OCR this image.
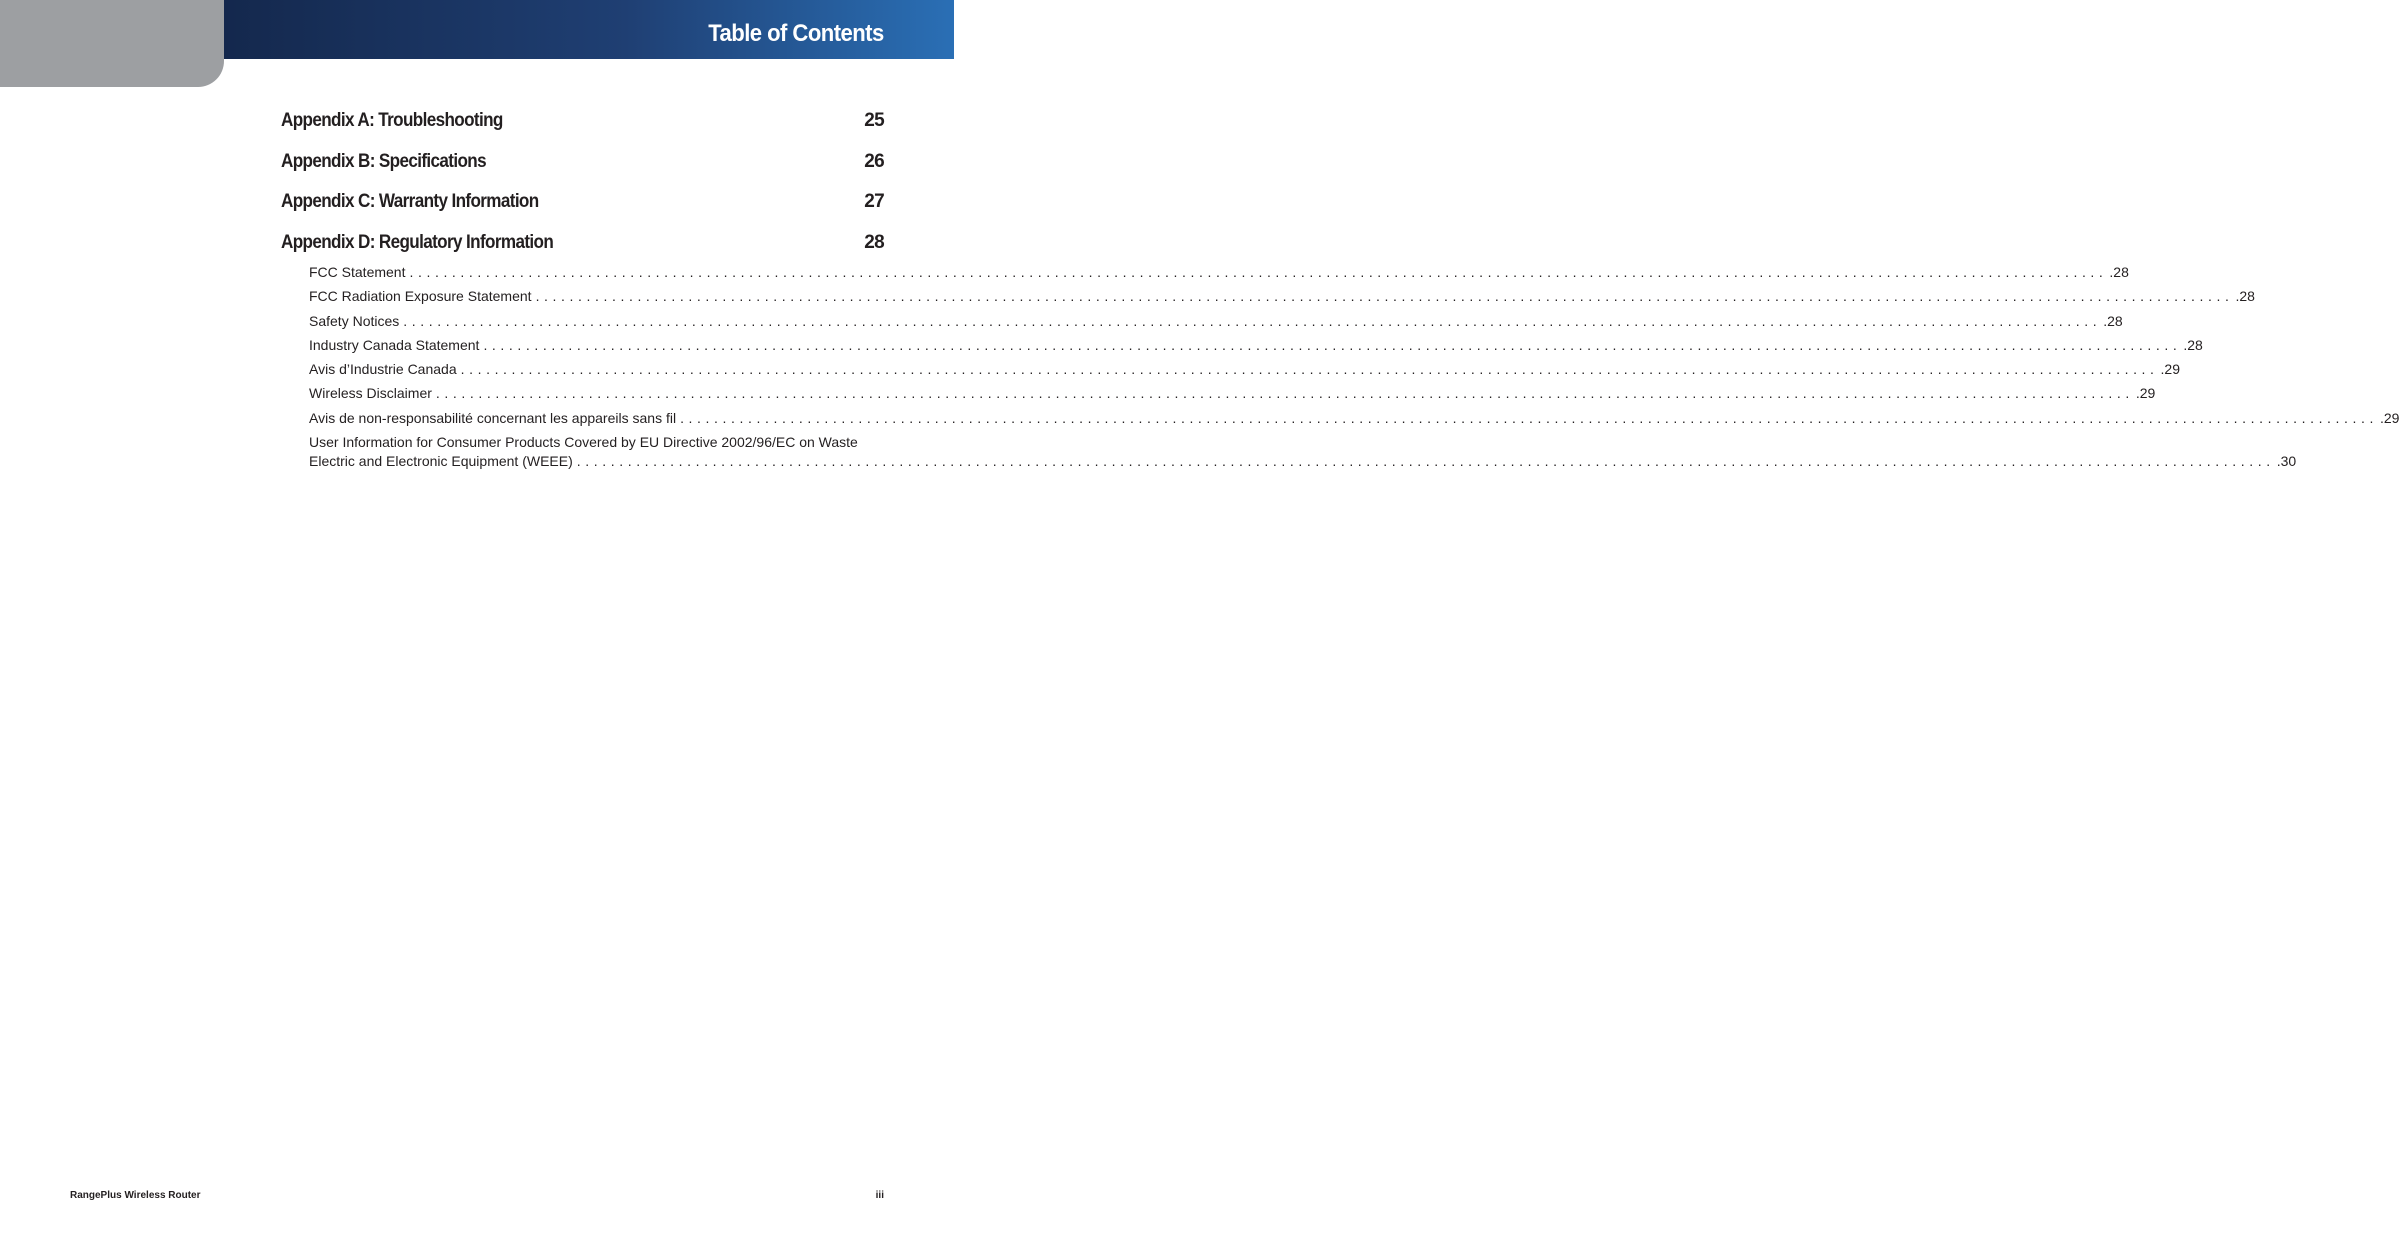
Table of Contents
Appendix A: Troubleshooting	25
Appendix B: Specifications	26
Appendix C: Warranty Information	27
Appendix D: Regulatory Information	28
FCC Statement ........................................................................................................................................................................................................ .28
FCC Radiation Exposure Statement ........................................................................................................................................................................................................ .28
Safety Notices ........................................................................................................................................................................................................ .28
Industry Canada Statement ........................................................................................................................................................................................................ .28
Avis d’Industrie Canada ........................................................................................................................................................................................................ .29
Wireless Disclaimer ........................................................................................................................................................................................................ .29
Avis de non-responsabilité concernant les appareils sans fil ........................................................................................................................................................................................................ .29
User Information for Consumer Products Covered by EU Directive 2002/96/EC on Waste
Electric and Electronic Equipment (WEEE) ........................................................................................................................................................................................................ .30
RangePlus Wireless Router	iii
